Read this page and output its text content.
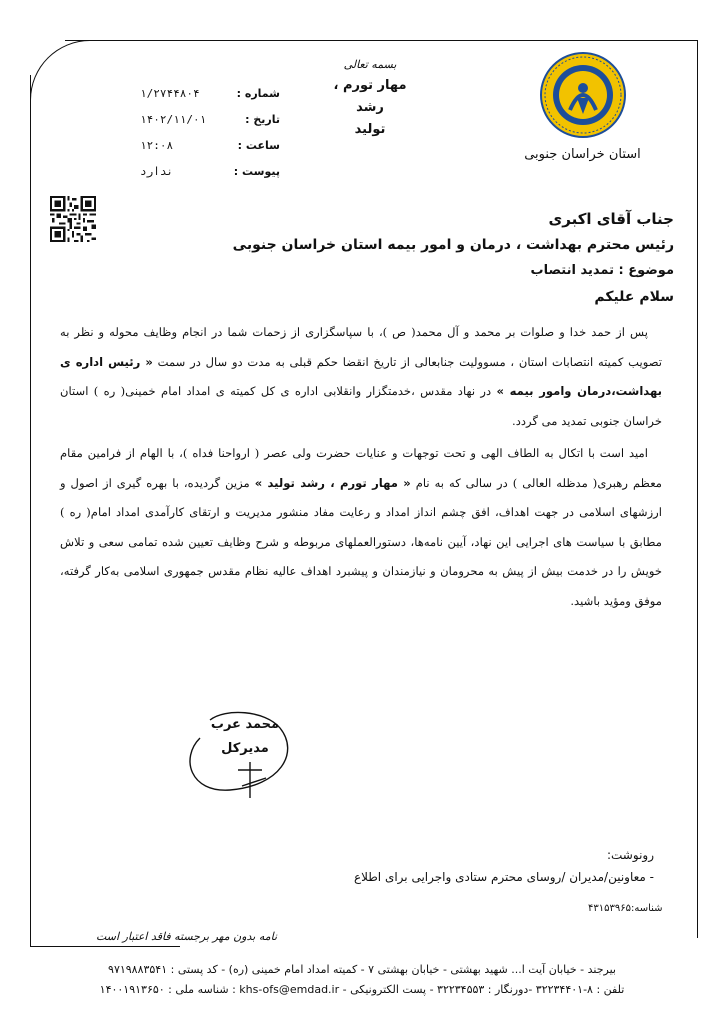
استان خراسان جنوبی
بسمه تعالی
مهار تورم ، رشد
تولید
شماره :
۱/۲۷۴۴۸۰۴
تاریخ :
۱۴۰۲/۱۱/۰۱
ساعت :
۱۲:۰۸
پیوست :
ندارد
جناب آقای اکبری
رئیس محترم بهداشت ، درمان و امور بیمه استان خراسان جنوبی
موضوع : تمدید انتصاب
سلام علیکم

پس از حمد خدا و صلوات بر محمد و آل محمد( ص )، با سپاسگزاری از زحمات شما در انجام وظایف محوله و نظر به تصویب کمیته انتصابات استان ، مسوولیت جنابعالی از تاریخ انقضا حکم قبلی به مدت دو سال در سمت « رئیس اداره ی بهداشت،درمان وامور بیمه » در نهاد مقدس ،خدمتگزار وانقلابی اداره ی کل کمیته ی امداد امام خمینی( ره ) استان خراسان جنوبی تمدید می گردد.

امید است با اتکال به الطاف الهی و تحت توجهات و عنایات حضرت ولی عصر ( ارواحنا فداه )، با الهام از فرامین مقام معظم رهبری( مدظله العالی ) در سالی که به نام « مهار تورم ، رشد تولید » مزین گردیده، با بهره گیری از اصول و ارزشهای اسلامی در جهت اهداف، افق چشم انداز امداد و رعایت مفاد منشور مدیریت و ارتقای کارآمدی امداد امام( ره ) مطابق با سیاست های اجرایی این نهاد، آیین نامه‌ها، دستورالعملهای مربوطه و شرح وظایف تعیین شده تمامی سعی و تلاش خویش را در خدمت بیش از پیش به محرومان و نیازمندان و پیشبرد اهداف عالیه نظام مقدس جمهوری اسلامی به‌کار گرفته، موفق ومؤید باشید.

محمد عرب
مدیرکل
رونوشت:
- معاونین/مدیران /روسای محترم ستادی واجرایی برای اطلاع
شناسه:۴۳۱۵۳۹۶۵
نامه بدون مهر برجسته فاقد اعتبار است
بیرجند - خیابان آیت ا... شهید بهشتی - خیابان بهشتی ۷ - کمیته امداد امام خمینی (ره) - کد پستی : ۹۷۱۹۸۸۳۵۴۱
تلفن : ۸-۳۲۲۳۴۴۰۱ -دورنگار : ۳۲۲۳۴۵۵۳ - پست الکترونیکی - khs-ofs@emdad.ir : شناسه ملی : ۱۴۰۰۱۹۱۳۶۵۰
